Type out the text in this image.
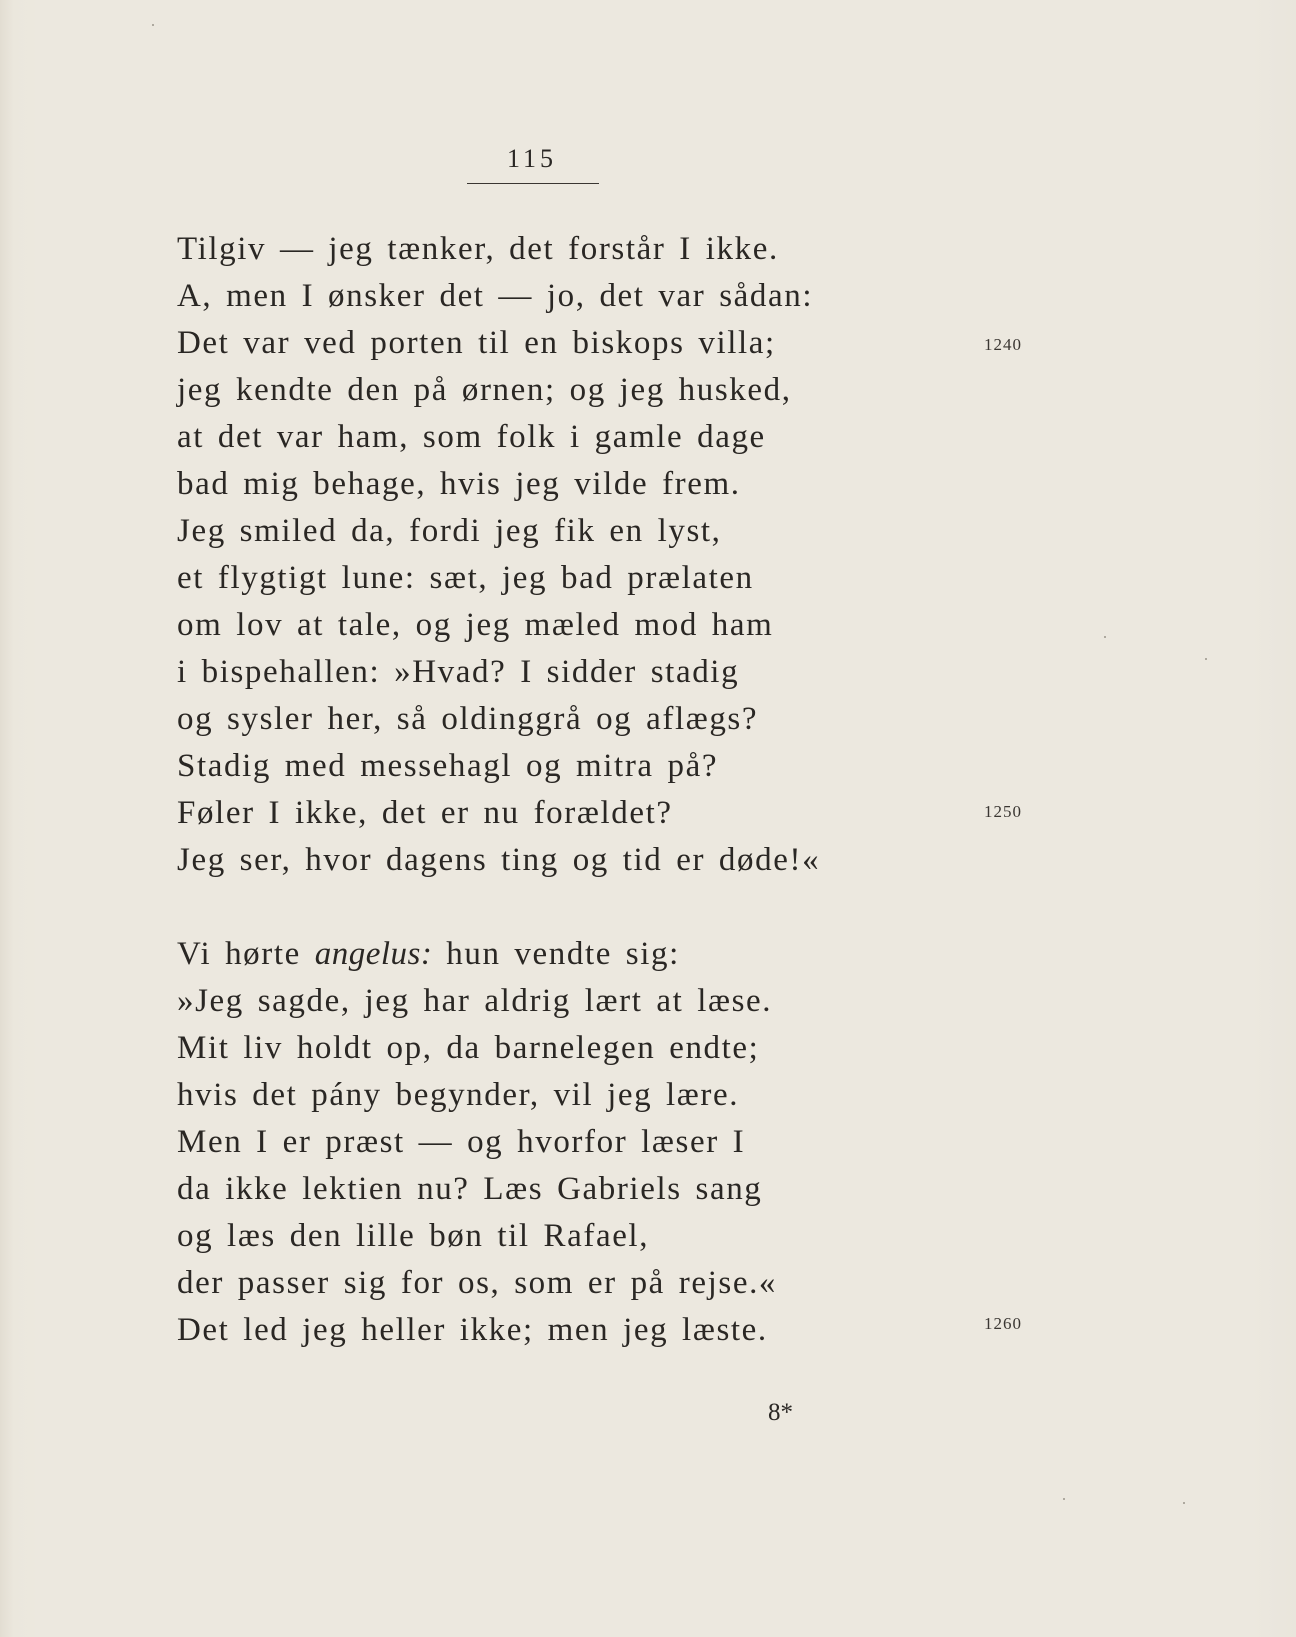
115
Tilgiv — jeg tænker, det forstår I ikke.
A, men I ønsker det — jo, det var sådan:
Det var ved porten til en biskops villa;
jeg kendte den på ørnen; og jeg husked,
at det var ham, som folk i gamle dage
bad mig behage, hvis jeg vilde frem.
Jeg smiled da, fordi jeg fik en lyst,
et flygtigt lune: sæt, jeg bad prælaten
om lov at tale, og jeg mæled mod ham
i bispehallen: »Hvad? I sidder stadig
og sysler her, så oldinggrå og aflægs?
Stadig med messehagl og mitra på?
Føler I ikke, det er nu forældet?
Jeg ser, hvor dagens ting og tid er døde!«
Vi hørte angelus: hun vendte sig:
»Jeg sagde, jeg har aldrig lært at læse.
Mit liv holdt op, da barnelegen endte;
hvis det pány begynder, vil jeg lære.
Men I er præst — og hvorfor læser I
da ikke lektien nu? Læs Gabriels sang
og læs den lille bøn til Rafael,
der passer sig for os, som er på rejse.«
Det led jeg heller ikke; men jeg læste.
1240
1250
1260
8*
